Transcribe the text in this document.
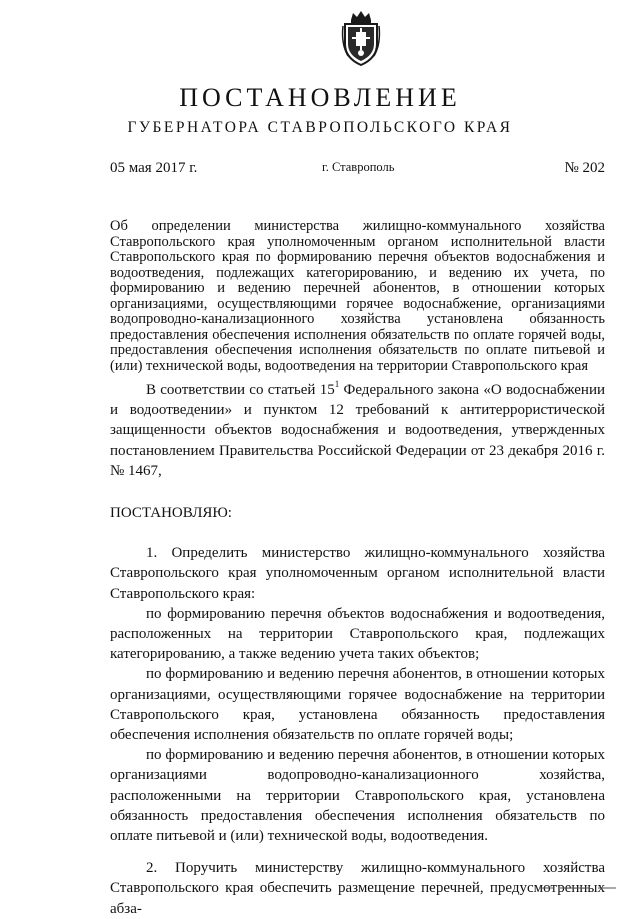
ПОСТАНОВЛЕНИЕ
ГУБЕРНАТОРА СТАВРОПОЛЬСКОГО КРАЯ
05 мая 2017 г.	г. Ставрополь	№ 202
Об определении министерства жилищно-коммунального хозяйства Ставропольского края уполномоченным органом исполнительной власти Ставропольского края по формированию перечня объектов водоснабжения и водоотведения, подлежащих категорированию, и ведению их учета, по формированию и ведению перечней абонентов, в отношении которых организациями, осуществляющими горячее водоснабжение, организациями водопроводно-канализационного хозяйства установлена обязанность предоставления обеспечения исполнения обязательств по оплате горячей воды, предоставления обеспечения исполнения обязательств по оплате питьевой и (или) технической воды, водоотведения на территории Ставропольского края

В соответствии со статьей $15^1$ Федерального закона «О водоснабжении и водоотведении» и пунктом 12 требований к антитеррористической защищенности объектов водоснабжения и водоотведения, утвержденных постановлением Правительства Российской Федерации от 23 декабря 2016 г. № 1467,

ПОСТАНОВЛЯЮ:

1. Определить министерство жилищно-коммунального хозяйства Ставропольского края уполномоченным органом исполнительной власти Ставропольского края:

по формированию перечня объектов водоснабжения и водоотведения, расположенных на территории Ставропольского края, подлежащих категорированию, а также ведению учета таких объектов;

по формированию и ведению перечня абонентов, в отношении которых организациями, осуществляющими горячее водоснабжение на территории Ставропольского края, установлена обязанность предоставления обеспечения исполнения обязательств по оплате горячей воды;

по формированию и ведению перечня абонентов, в отношении которых организациями водопроводно-канализационного хозяйства, расположенными на территории Ставропольского края, установлена обязанность предоставления обеспечения исполнения обязательств по оплате питьевой и (или) технической воды, водоотведения.

2. Поручить министерству жилищно-коммунального хозяйства Ставропольского края обеспечить размещение перечней, предусмотренных абза-
